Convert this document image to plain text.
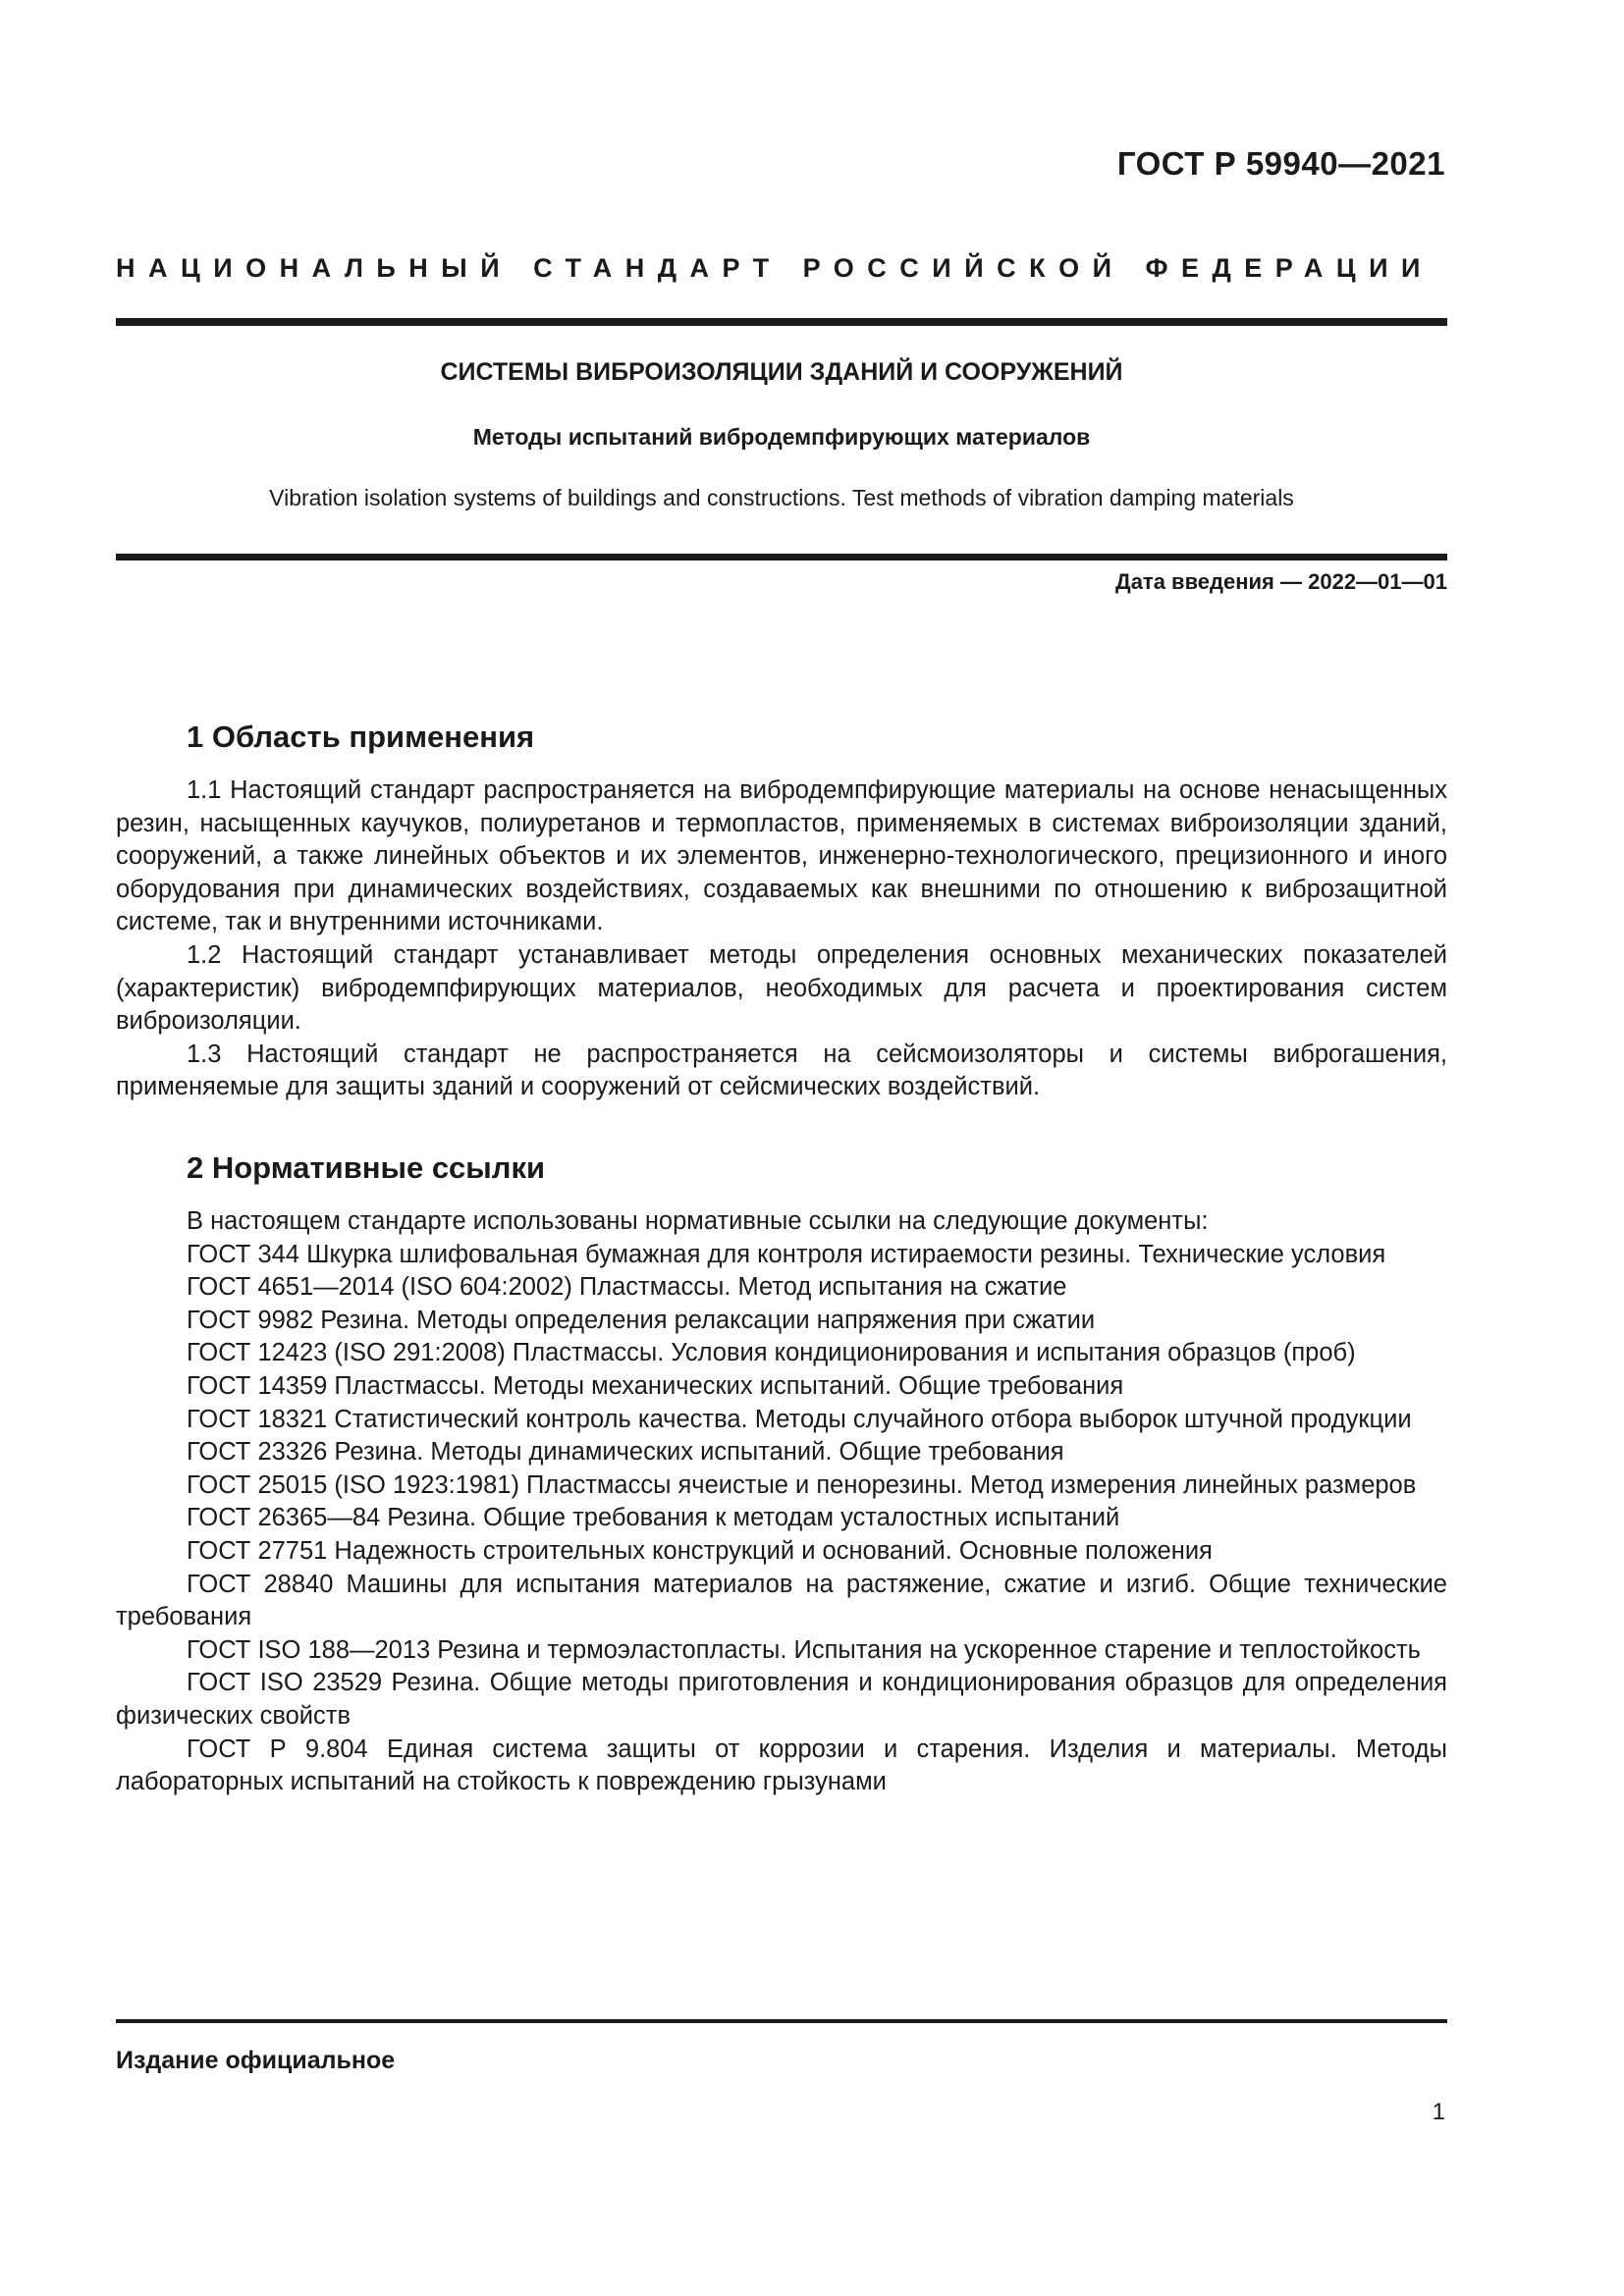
ГОСТ Р 59940—2021
НАЦИОНАЛЬНЫЙ СТАНДАРТ РОССИЙСКОЙ ФЕДЕРАЦИИ
СИСТЕМЫ ВИБРОИЗОЛЯЦИИ ЗДАНИЙ И СООРУЖЕНИЙ
Методы испытаний вибродемпфирующих материалов
Vibration isolation systems of buildings and constructions. Test methods of vibration damping materials
Дата введения — 2022—01—01
1 Область применения

1.1 Настоящий стандарт распространяется на вибродемпфирующие материалы на основе ненасыщенных резин, насыщенных каучуков, полиуретанов и термопластов, применяемых в системах виброизоляции зданий, сооружений, а также линейных объектов и их элементов, инженерно-технологического, прецизионного и иного оборудования при динамических воздействиях, создаваемых как внешними по отношению к виброзащитной системе, так и внутренними источниками.

1.2 Настоящий стандарт устанавливает методы определения основных механических показателей (характеристик) вибродемпфирующих материалов, необходимых для расчета и проектирования систем виброизоляции.

1.3 Настоящий стандарт не распространяется на сейсмоизоляторы и системы виброгашения, применяемые для защиты зданий и сооружений от сейсмических воздействий.

2 Нормативные ссылки

В настоящем стандарте использованы нормативные ссылки на следующие документы:

ГОСТ 344 Шкурка шлифовальная бумажная для контроля истираемости резины. Технические условия

ГОСТ 4651—2014 (ISO 604:2002) Пластмассы. Метод испытания на сжатие

ГОСТ 9982 Резина. Методы определения релаксации напряжения при сжатии

ГОСТ 12423 (ISO 291:2008) Пластмассы. Условия кондиционирования и испытания образцов (проб)

ГОСТ 14359 Пластмассы. Методы механических испытаний. Общие требования

ГОСТ 18321 Статистический контроль качества. Методы случайного отбора выборок штучной продукции

ГОСТ 23326 Резина. Методы динамических испытаний. Общие требования

ГОСТ 25015 (ISO 1923:1981) Пластмассы ячеистые и пенорезины. Метод измерения линейных размеров

ГОСТ 26365—84 Резина. Общие требования к методам усталостных испытаний

ГОСТ 27751 Надежность строительных конструкций и оснований. Основные положения

ГОСТ 28840 Машины для испытания материалов на растяжение, сжатие и изгиб. Общие технические требования

ГОСТ ISO 188—2013 Резина и термоэластопласты. Испытания на ускоренное старение и теплостойкость

ГОСТ ISO 23529 Резина. Общие методы приготовления и кондиционирования образцов для определения физических свойств

ГОСТ Р 9.804 Единая система защиты от коррозии и старения. Изделия и материалы. Методы лабораторных испытаний на стойкость к повреждению грызунами

Издание официальное
1
